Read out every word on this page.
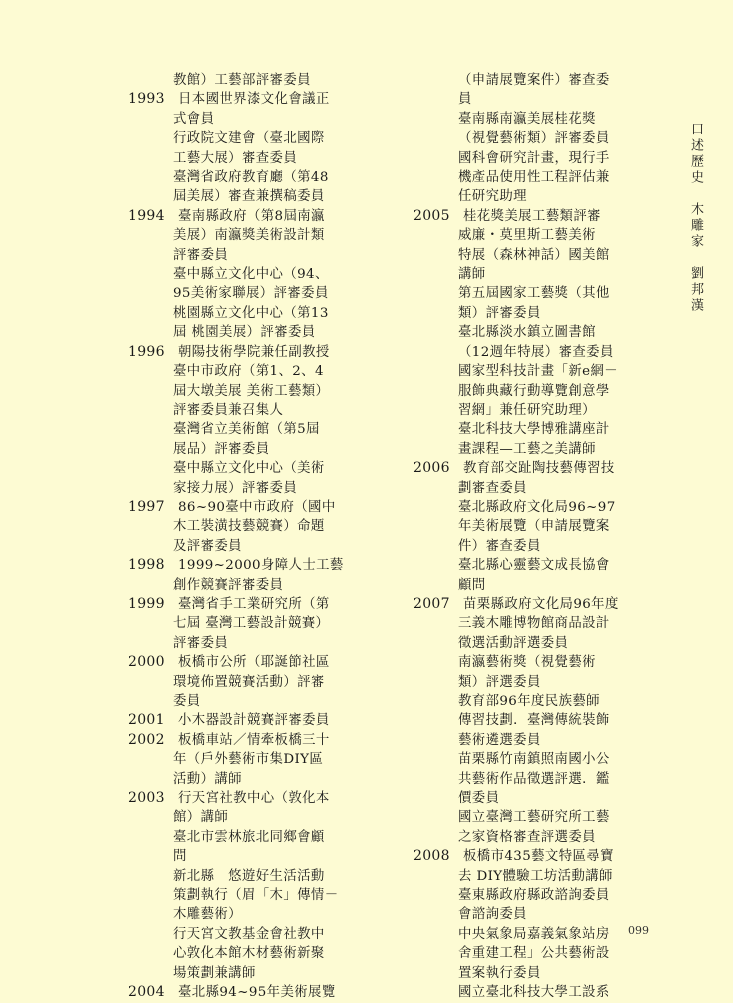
教館）工藝部評審委員
1993 日本國世界漆文化會議正
式會員
行政院文建會（臺北國際
工藝大展）審查委員
臺灣省政府教育廳（第48
屆美展）審查兼撰稿委員
1994 臺南縣政府（第8屆南瀛
美展）南瀛獎美術設計類
評審委員
臺中縣立文化中心（94、
95美術家聯展）評審委員
桃園縣立文化中心（第13
屆 桃園美展）評審委員
1996 朝陽技術學院兼任副教授
臺中市政府（第1、2、4
屆大墩美展 美術工藝類）
評審委員兼召集人
臺灣省立美術館（第5屆
展品）評審委員
臺中縣立文化中心（美術
家接力展）評審委員
1997 86~90臺中市政府（國中
木工裝潢技藝競賽）命題
及評審委員
1998 1999~2000身障人士工藝
創作競賽評審委員
1999 臺灣省手工業研究所（第
七屆 臺灣工藝設計競賽）
評審委員
2000 板橋市公所（耶誕節社區
環境佈置競賽活動）評審
委員
2001 小木器設計競賽評審委員
2002 板橋車站／情牽板橋三十
年（戶外藝術市集DIY區
活動）講師
2003 行天宮社教中心（敦化本
館）講師
臺北市雲林旅北同鄉會顧
問
新北縣　悠遊好生活活動
策劃執行（眉「木」傳情－
木雕藝術）
行天宮文教基金會社教中
心敦化本館木材藝術新聚
場策劃兼講師
2004 臺北縣94~95年美術展覽
（申請展覽案件）審查委
員
臺南縣南瀛美展桂花獎
（視覺藝術類）評審委員
國科會研究計畫，現行手
機產品使用性工程評估兼
任研究助理
2005 桂花獎美展工藝類評審
威廉・莫里斯工藝美術
特展（森林神話）國美館
講師
第五屆國家工藝獎（其他
類）評審委員
臺北縣淡水鎮立圖書館
（12週年特展）審查委員
國家型科技計畫「新e網－
服飾典藏行動導覽創意學
習網」兼任研究助理）
臺北科技大學博雅講座計
畫課程—工藝之美講師
2006 教育部交趾陶技藝傳習技
劃審查委員
臺北縣政府文化局96~97
年美術展覽（申請展覽案
件）審查委員
臺北縣心靈藝文成長協會
顧問
2007 苗栗縣政府文化局96年度
三義木雕博物館商品設計
徵選活動評選委員
南瀛藝術獎（視覺藝術
類）評選委員
教育部96年度民族藝師
傳習技劃．臺灣傳統裝飾
藝術遴選委員
苗栗縣竹南鎮照南國小公
共藝術作品徵選評選．鑑
價委員
國立臺灣工藝研究所工藝
之家資格審查評選委員
2008 板橋市435藝文特區尋寶
去 DIY體驗工坊活動講師
臺東縣政府縣政諮詢委員
會諮詢委員
中央氣象局嘉義氣象站房
舍重建工程」公共藝術設
置案執行委員
國立臺北科技大學工設系
口述歷史　木雕家　劉邦漢
099
